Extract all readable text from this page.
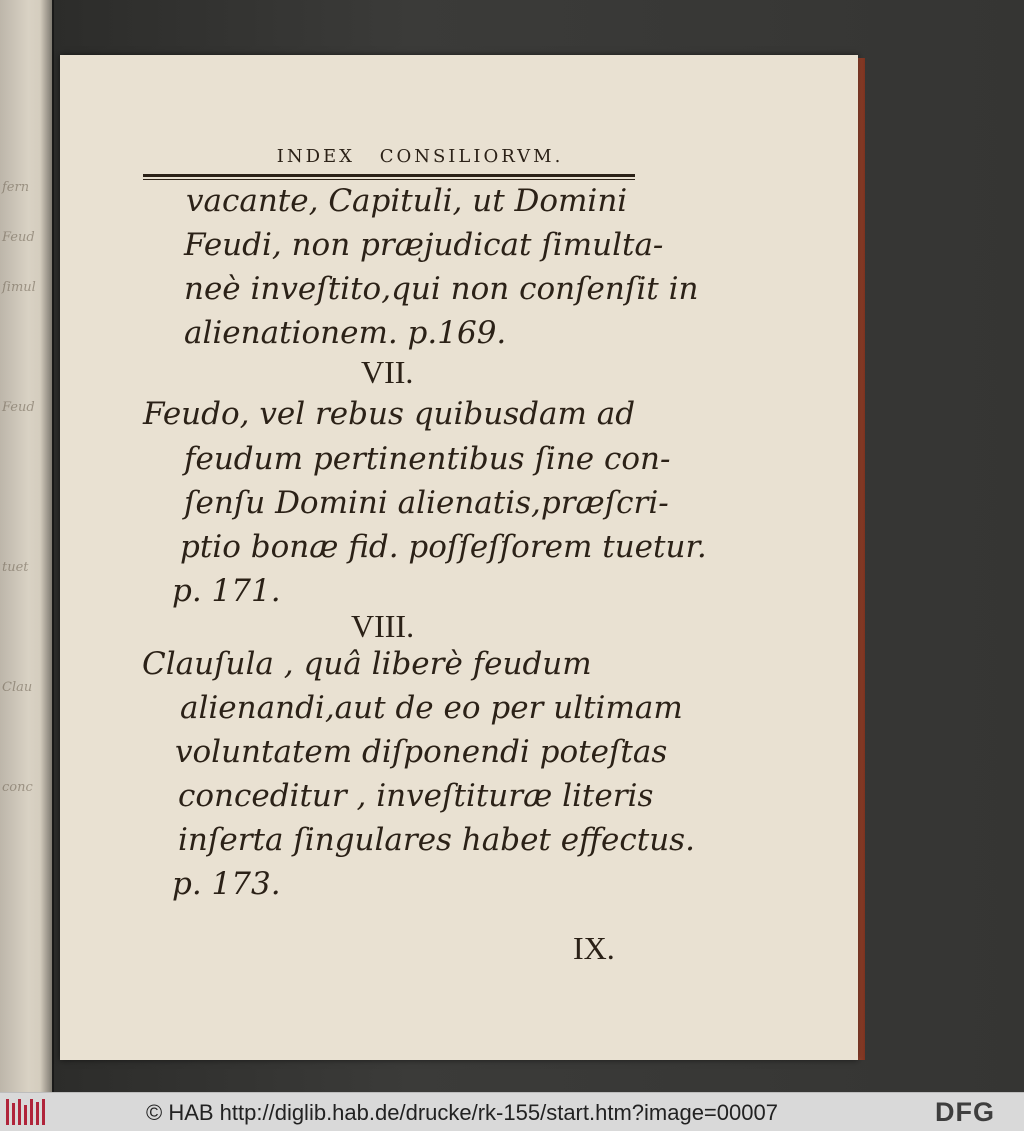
fern
Feud
ſimul
Feud
tuet
Clau
conc
INDEX CONSILIORVM.
vacante, Capituli, ut Domini
Feudi, non præjudicat ſimulta-
neè inveſtito,qui non conſenſit in
alienationem. p.169.
VII.
Feudo, vel rebus quibusdam ad
feudum pertinentibus ſine con-
ſenſu Domini alienatis,præſcri-
ptio bonæ fid. poſſeſſorem tuetur.
p. 171.
VIII.
Clauſula , quâ liberè feudum
alienandi,aut de eo per ultimam
voluntatem diſponendi poteſtas
conceditur , inveſtituræ literis
inſerta ſingulares habet effectus.
p. 173.
IX.
© HAB http://diglib.hab.de/drucke/rk-155/start.htm?image=00007	DFG
